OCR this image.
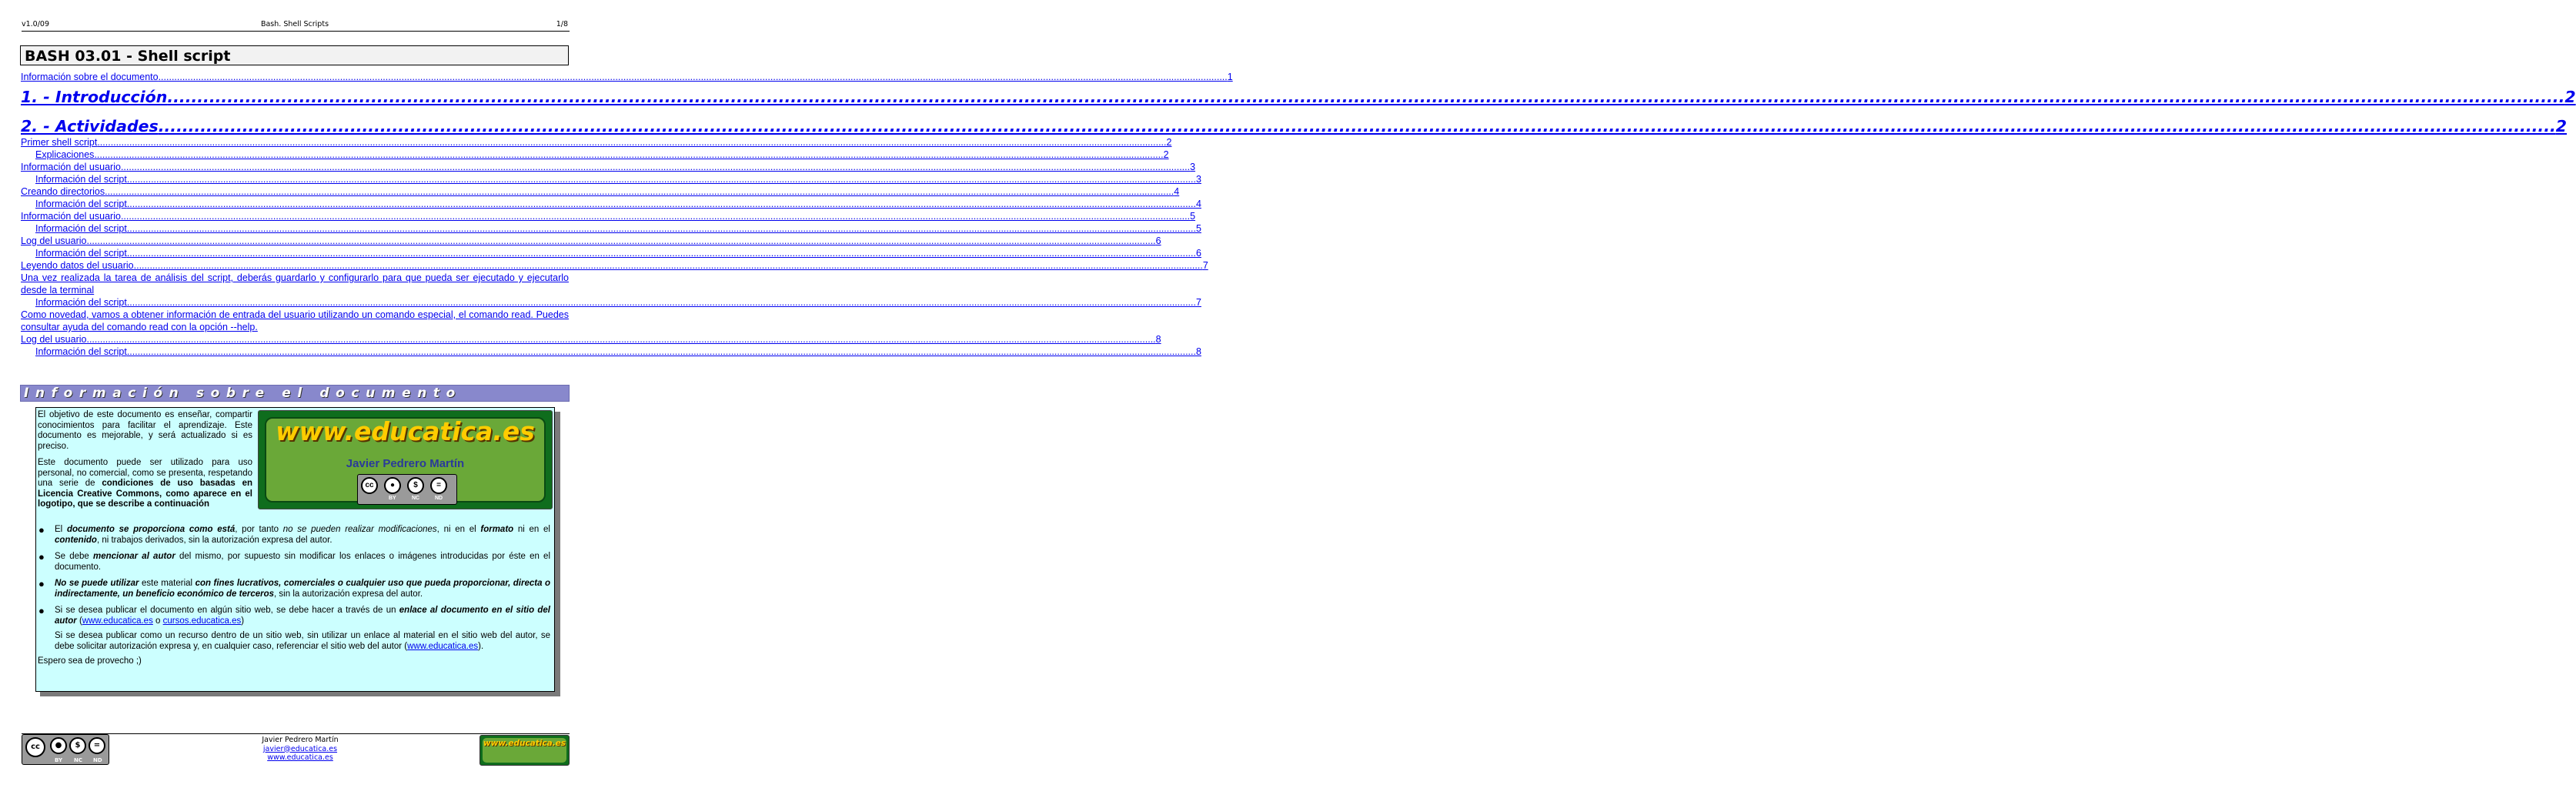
v1.0/09	Bash. Shell Scripts	1/8
BASH 03.01 - Shell script
Información sobre el documento ................................................................................................................................................................................................................................................................................................................................................................................................................ 1
1. - Introducción ................................................................................................................................................................................................................................................................................................................................................................................................................ 2
2. - Actividades ................................................................................................................................................................................................................................................................................................................................................................................................................ 2
Primer shell script ................................................................................................................................................................................................................................................................................................................................................................................................................ 2
Explicaciones ................................................................................................................................................................................................................................................................................................................................................................................................................ 2
Información del usuario ................................................................................................................................................................................................................................................................................................................................................................................................................ 3
Información del script ................................................................................................................................................................................................................................................................................................................................................................................................................ 3
Creando directorios ................................................................................................................................................................................................................................................................................................................................................................................................................ 4
Información del script ................................................................................................................................................................................................................................................................................................................................................................................................................ 4
Información del usuario ................................................................................................................................................................................................................................................................................................................................................................................................................ 5
Información del script ................................................................................................................................................................................................................................................................................................................................................................................................................ 5
Log del usuario ................................................................................................................................................................................................................................................................................................................................................................................................................ 6
Información del script ................................................................................................................................................................................................................................................................................................................................................................................................................ 6
Leyendo datos del usuario ................................................................................................................................................................................................................................................................................................................................................................................................................ 7
Una vez realizada la tarea de análisis del script, deberás guardarlo y configurarlo para que pueda ser ejecutado y ejecutarlo desde la terminal
Información del script ................................................................................................................................................................................................................................................................................................................................................................................................................ 7
Como novedad, vamos a obtener información de entrada del usuario utilizando un comando especial, el comando read. Puedes consultar ayuda del comando read con la opción --help.
Log del usuario ................................................................................................................................................................................................................................................................................................................................................................................................................ 8
Información del script ................................................................................................................................................................................................................................................................................................................................................................................................................ 8
Información sobre el documento
El objetivo de este documento es enseñar, compartir conocimientos para facilitar el aprendizaje. Este documento es mejorable, y será actualizado si es preciso.
Este documento puede ser utilizado para uso personal, no comercial, como se presenta, respetando una serie de condiciones de uso basadas en Licencia Creative Commons, como aparece en el logotipo, que se describe a continuación
www.educatica.es
Javier Pedrero Martín
cc	●	$	=
BY	NC	ND
● El documento se proporciona como está, por tanto no se pueden realizar modificaciones, ni en el formato ni en el contenido, ni trabajos derivados, sin la autorización expresa del autor.
● Se debe mencionar al autor del mismo, por supuesto sin modificar los enlaces o imágenes introducidas por éste en el documento.
● No se puede utilizar este material con fines lucrativos, comerciales o cualquier uso que pueda proporcionar, directa o indirectamente, un beneficio económico de terceros, sin la autorización expresa del autor.
● Si se desea publicar el documento en algún sitio web, se debe hacer a través de un enlace al documento en el sitio del autor (www.educatica.es o cursos.educatica.es)
Si se desea publicar como un recurso dentro de un sitio web, sin utilizar un enlace al material en el sitio web del autor, se debe solicitar autorización expresa y, en cualquier caso, referenciar el sitio web del autor (www.educatica.es).
Espero sea de provecho ;)
cc	●	$	=
BY NC ND
Javier Pedrero Martín
javier@educatica.es
www.educatica.es
www.educatica.es
